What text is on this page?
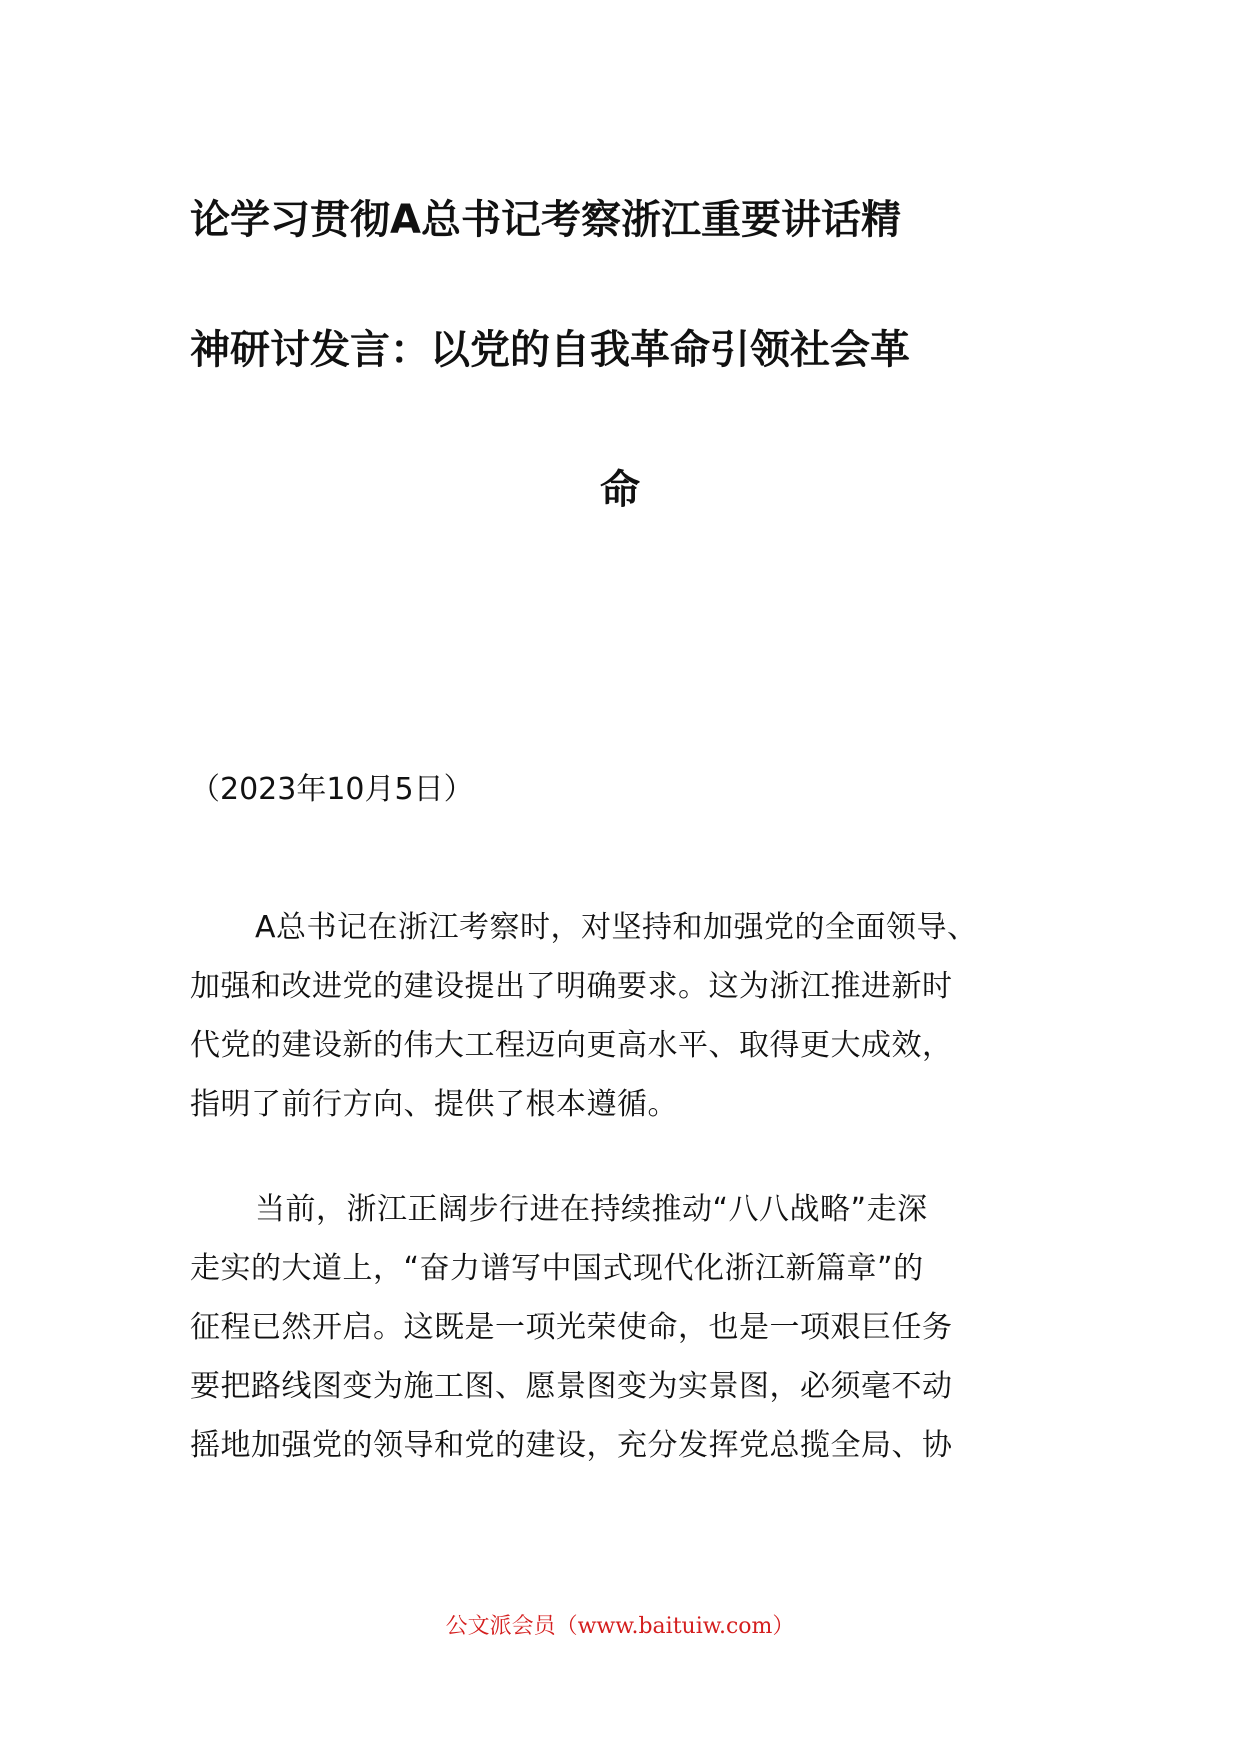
论学习贯彻A总书记考察浙江重要讲话精
神研讨发言：以党的自我革命引领社会革
命
（2023年10月5日）
A总书记在浙江考察时，对坚持和加强党的全面领导、
加强和改进党的建设提出了明确要求。这为浙江推进新时
代党的建设新的伟大工程迈向更高水平、取得更大成效，
指明了前行方向、提供了根本遵循。
当前，浙江正阔步行进在持续推动“八八战略”走深
走实的大道上，“奋力谱写中国式现代化浙江新篇章”的
征程已然开启。这既是一项光荣使命，也是一项艰巨任务
要把路线图变为施工图、愿景图变为实景图，必须毫不动
摇地加强党的领导和党的建设，充分发挥党总揽全局、协
公文派会员（www.baituiw.com）
